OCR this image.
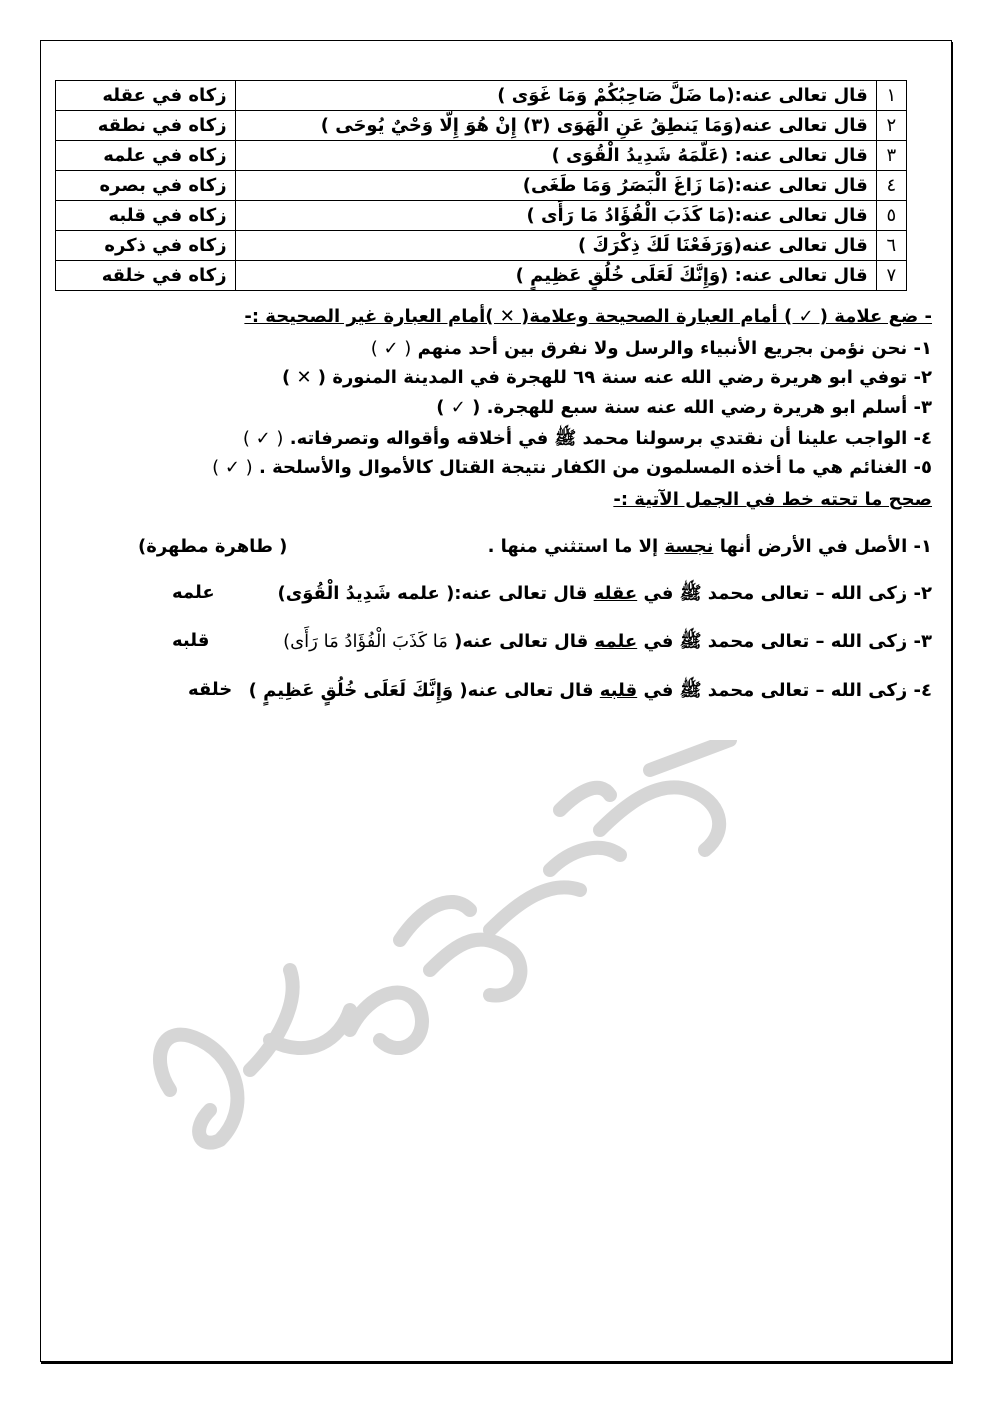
١	قال تعالى عنه:(ما ضَلَّ صَاحِبُكُمْ وَمَا غَوَى )	زكاه في عقله
٢	قال تعالى عنه(وَمَا يَنطِقُ عَنِ الْهَوَى (٣) إِنْ هُوَ إِلَّا وَحْيٌ يُوحَى )	زكاه في نطقه
٣	قال تعالى عنه: (عَلَّمَهُ شَدِيدُ الْقُوَى )	زكاه في علمه
٤	قال تعالى عنه:(مَا زَاغَ الْبَصَرُ وَمَا طَغَى)	زكاه في بصره
٥	قال تعالى عنه:(مَا كَذَبَ الْفُؤَادُ مَا رَأَى )	زكاه في قلبه
٦	قال تعالى عنه(وَرَفَعْنَا لَكَ ذِكْرَكَ )	زكاه في ذكره
٧	قال تعالى عنه: (وَإِنَّكَ لَعَلَى خُلُقٍ عَظِيمٍ )	زكاه في خلقه
- ضع علامة ( ✓ ) أمام العبارة الصحيحة وعلامة( ✕ )أمام العبارة غير الصحيحة :-
١- نحن نؤمن بجريع الأنبياء والرسل ولا نفرق بين أحد منهم ( ✓ )
٢- توفي ابو هريرة رضي الله عنه سنة ٦٩ للهجرة في المدينة المنورة ( ✕ )
٣- أسلم ابو هريرة رضي الله عنه سنة سبع للهجرة. ( ✓ )
٤- الواجب علينا أن نقتدي برسولنا محمد ﷺ في أخلاقه وأقواله وتصرفاته. ( ✓ )
٥- الغنائم هي ما أخذه المسلمون من الكفار نتيجة القتال كالأموال والأسلحة . ( ✓ )
صحح ما تحته خط في الجمل الآتية :-
١- الأصل في الأرض أنها نجسة إلا ما استثني منها .
( طاهرة مطهرة)
٢- زكى الله – تعالى محمد ﷺ في عقله قال تعالى عنه:( علمه شَدِيدُ الْقُوَى)
علمه
٣- زكى الله – تعالى محمد ﷺ في علمه قال تعالى عنه( مَا كَذَبَ الْفُؤَادُ مَا رَأَى)
قلبه
٤- زكى الله – تعالى محمد ﷺ في قلبه قال تعالى عنه( وَإِنَّكَ لَعَلَى خُلُقٍ عَظِيمٍ )
خلقه
